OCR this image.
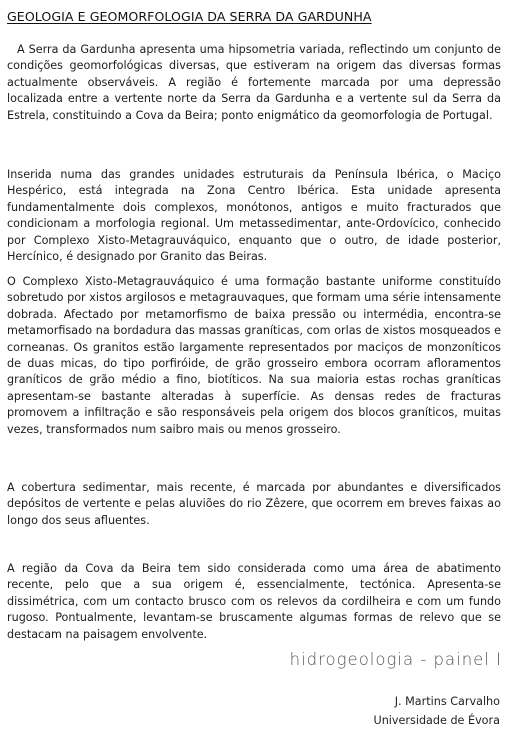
GEOLOGIA E GEOMORFOLOGIA DA SERRA DA GARDUNHA

A Serra da Gardunha apresenta uma hipsometria variada, reflectindo um conjunto de condições geomorfológicas diversas, que estiveram na origem das diversas formas actualmente observáveis. A região é fortemente marcada por uma depressão localizada entre a vertente norte da Serra da Gardunha e a vertente sul da Serra da Estrela, constituindo a Cova da Beira; ponto enigmático da geomorfologia de Portugal.

Inserida numa das grandes unidades estruturais da Península Ibérica, o Maciço Hespérico, está integrada na Zona Centro Ibérica. Esta unidade apresenta fundamentalmente dois complexos, monótonos, antigos e muito fracturados que condicionam a morfologia regional. Um metassedimentar, ante-Ordovícico, conhecido por Complexo Xisto-Metagrauváquico, enquanto que o outro, de idade posterior, Hercínico, é designado por Granito das Beiras.

O Complexo Xisto-Metagrauváquico é uma formação bastante uniforme constituído sobretudo por xistos argilosos e metagrauvaques, que formam uma série intensamente dobrada. Afectado por metamorfismo de baixa pressão ou intermédia, encontra-se metamorfisado na bordadura das massas graníticas, com orlas de xistos mosqueados e corneanas. Os granitos estão largamente representados por maciços de monzoníticos de duas micas, do tipo porfiróide, de grão grosseiro embora ocorram afloramentos graníticos de grão médio a fino, biotíticos. Na sua maioria estas rochas graníticas apresentam-se bastante alteradas à superfície. As densas redes de fracturas promovem a infiltração e são responsáveis pela origem dos blocos graníticos, muitas vezes, transformados num saibro mais ou menos grosseiro.

A cobertura sedimentar, mais recente, é marcada por abundantes e diversificados depósitos de vertente e pelas aluviões do rio Zêzere, que ocorrem em breves faixas ao longo dos seus afluentes.

A região da Cova da Beira tem sido considerada como uma área de abatimento recente, pelo que a sua origem é, essencialmente, tectónica. Apresenta-se dissimétrica, com um contacto brusco com os relevos da cordilheira e com um fundo rugoso. Pontualmente, levantam-se bruscamente algumas formas de relevo que se destacam na paisagem envolvente.

hidrogeologia - painel I
J. Martins Carvalho
Universidade de Évora
